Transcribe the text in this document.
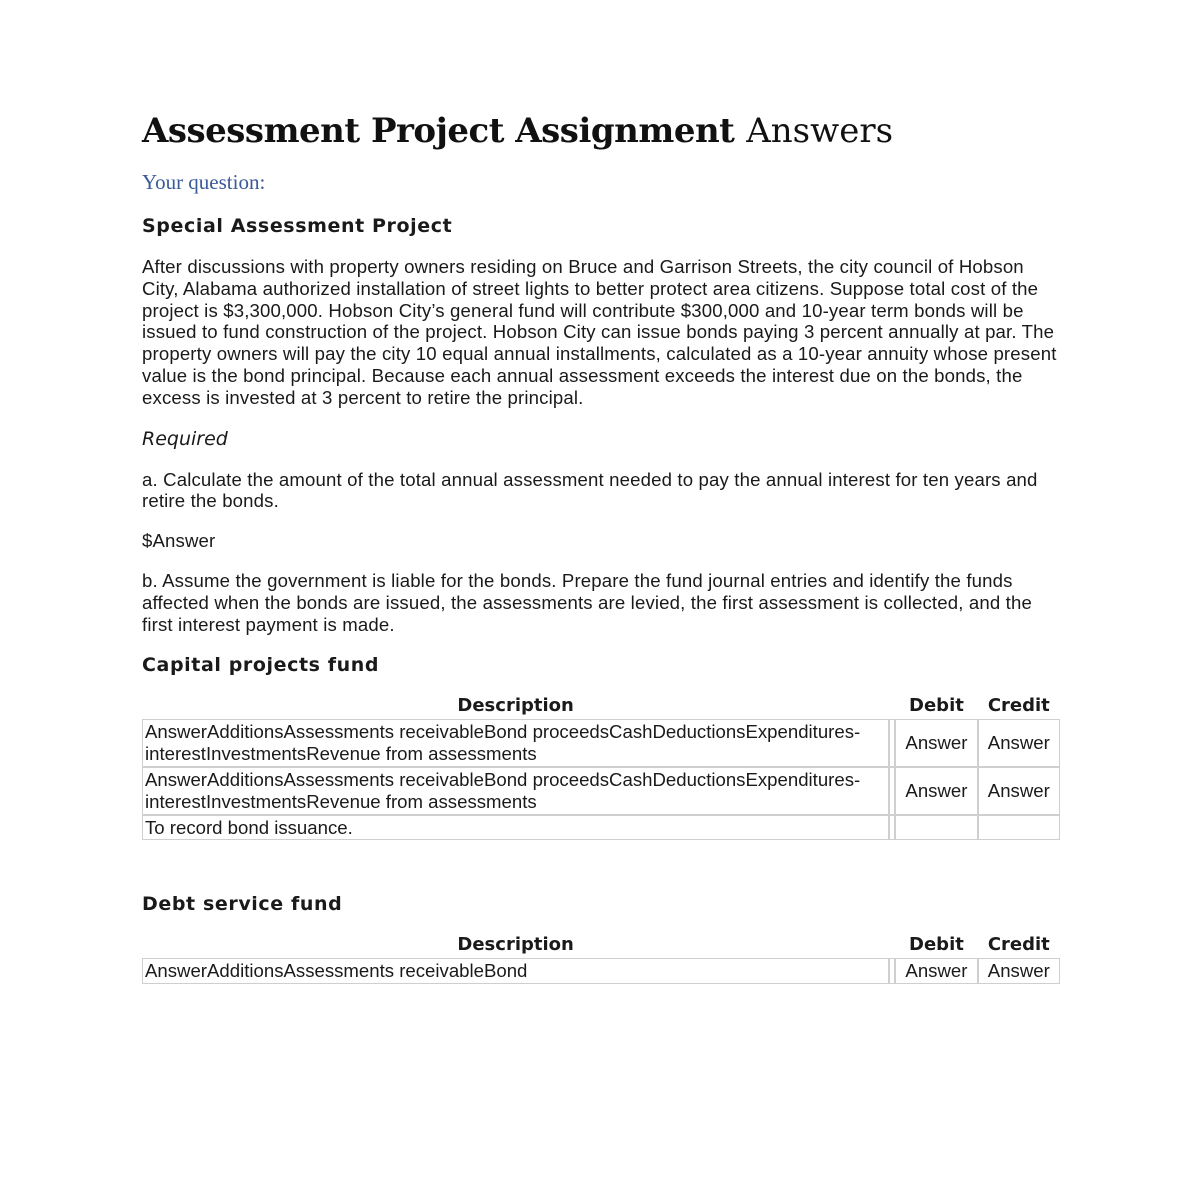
Assessment Project Assignment Answers
Your question:
Special Assessment Project
After discussions with property owners residing on Bruce and Garrison Streets, the city council of Hobson City, Alabama authorized installation of street lights to better protect area citizens. Suppose total cost of the project is $3,300,000. Hobson City’s general fund will contribute $300,000 and 10-year term bonds will be issued to fund construction of the project. Hobson City can issue bonds paying 3 percent annually at par. The property owners will pay the city 10 equal annual installments, calculated as a 10-year annuity whose present value is the bond principal. Because each annual assessment exceeds the interest due on the bonds, the excess is invested at 3 percent to retire the principal.
Required
a. Calculate the amount of the total annual assessment needed to pay the annual interest for ten years and retire the bonds.
$Answer
b. Assume the government is liable for the bonds. Prepare the fund journal entries and identify the funds affected when the bonds are issued, the assessments are levied, the first assessment is collected, and the first interest payment is made.
Capital projects fund
Description		Debit	Credit
AnswerAdditionsAssessments receivableBond proceedsCashDeductionsExpenditures-interestInvestmentsRevenue from assessments		Answer	Answer
AnswerAdditionsAssessments receivableBond proceedsCashDeductionsExpenditures-interestInvestmentsRevenue from assessments		Answer	Answer
To record bond issuance.			
Debt service fund
Description		Debit	Credit
AnswerAdditionsAssessments receivableBond		Answer	Answer
